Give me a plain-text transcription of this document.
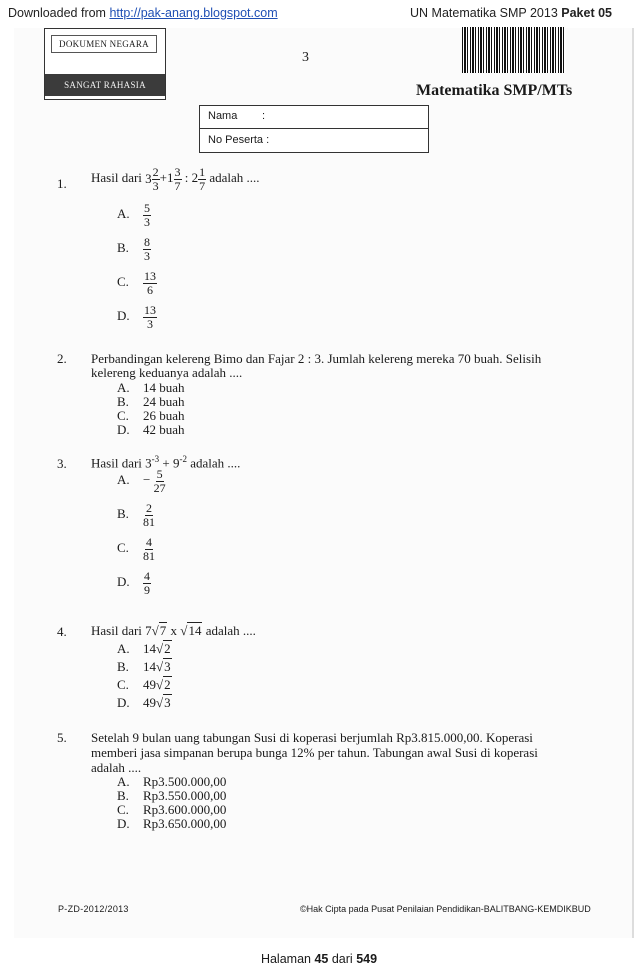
Downloaded from http://pak-anang.blogspot.com	UN Matematika SMP 2013 Paket 05
DOKUMEN NEGARA
SANGAT RAHASIA
3
Matematika SMP/MTs
Nama :
No Peserta :
1. Hasil dari $3 \frac{2}{3} +1 \frac{3}{7}$ : $2 \frac{1}{7}$ adalah ....
A. $\frac{5}{3}$
B. $\frac{8}{3}$
C. $\frac{13}{6}$
D. $\frac{13}{3}$
2. Perbandingan kelereng Bimo dan Fajar 2 : 3. Jumlah kelereng mereka 70 buah. Selisih
kelereng keduanya adalah ....
A. 14 buah
B. 24 buah
C. 26 buah
D. 42 buah
3. Hasil dari $3^{-3} + 9^{-2}$ adalah ....
A. − $\frac{5}{27}$
B. $\frac{2}{81}$
C. $\frac{4}{81}$
D. $\frac{4}{9}$
4. Hasil dari 7√7 x √14 adalah ....
A. 14√2
B. 14√3
C. 49√2
D. 49√3
5. Setelah 9 bulan uang tabungan Susi di koperasi berjumlah Rp3.815.000,00. Koperasi
memberi jasa simpanan berupa bunga 12% per tahun. Tabungan awal Susi di koperasi
adalah ....
A. Rp3.500.000,00
B. Rp3.550.000,00
C. Rp3.600.000,00
D. Rp3.650.000,00
P-ZD-2012/2013	©Hak Cipta pada Pusat Penilaian Pendidikan-BALITBANG-KEMDIKBUD
Halaman 45 dari 549
